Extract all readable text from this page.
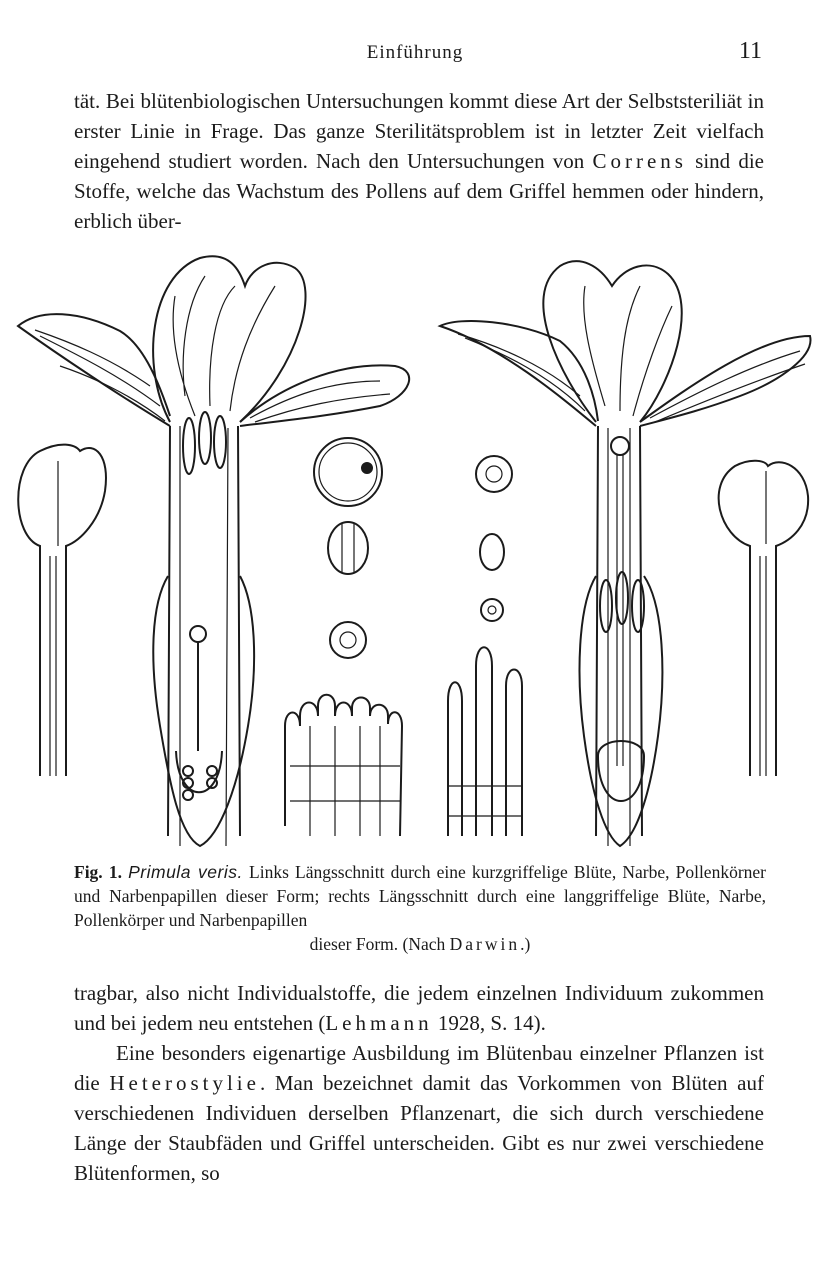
Einführung	11

tät. Bei blütenbiologischen Untersuchungen kommt diese Art der Selbststeriliät in erster Linie in Frage. Das ganze Sterilitätsproblem ist in letzter Zeit vielfach eingehend studiert worden. Nach den Untersuchungen von Correns sind die Stoffe, welche das Wachstum des Pollens auf dem Griffel hemmen oder hindern, erblich über-

Fig. 1. Primula veris. Links Längsschnitt durch eine kurzgriffelige Blüte, Narbe, Pollenkörner und Narbenpapillen dieser Form; rechts Längsschnitt durch eine langgriffelige Blüte, Narbe, Pollenkörper und Narbenpapillen
dieser Form. (Nach Darwin.)

tragbar, also nicht Individualstoffe, die jedem einzelnen Individuum zukommen und bei jedem neu entstehen (Lehmann 1928, S. 14).
Eine besonders eigenartige Ausbildung im Blütenbau einzelner Pflanzen ist die Heterostylie. Man bezeichnet damit das Vorkommen von Blüten auf verschiedenen Individuen derselben Pflanzenart, die sich durch verschiedene Länge der Staubfäden und Griffel unterscheiden. Gibt es nur zwei verschiedene Blütenformen, so
